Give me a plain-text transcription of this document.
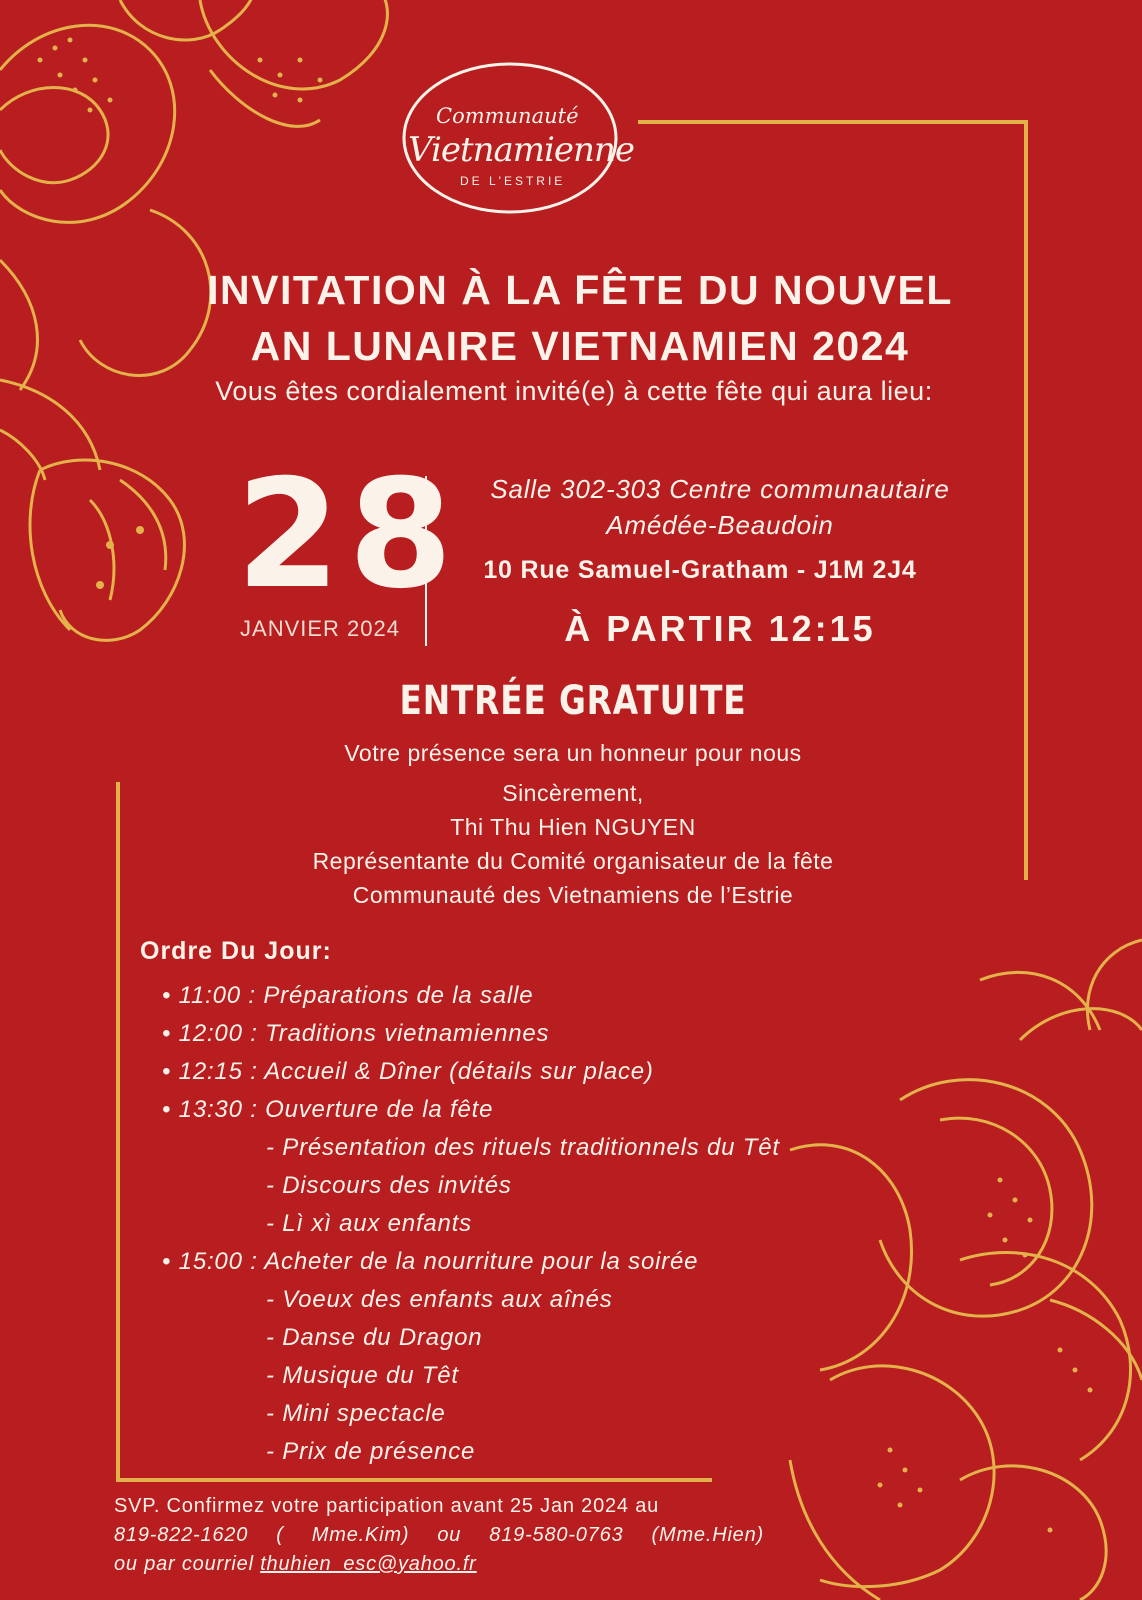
Communauté
Vietnamienne
DE L'ESTRIE
INVITATION À LA FÊTE DU NOUVEL
AN LUNAIRE VIETNAMIEN 2024
Vous êtes cordialement invité(e) à cette fête qui aura lieu:
28
JANVIER 2024
Salle 302-303 Centre communautaire
Amédée-Beaudoin
10 Rue Samuel-Gratham - J1M 2J4
À PARTIR 12:15
ENTRÉE GRATUITE
Votre présence sera un honneur pour nous
Sincèrement,
Thi Thu Hien NGUYEN
Représentante du Comité organisateur de la fête
Communauté des Vietnamiens de l’Estrie
Ordre Du Jour:
• 11:00 : Préparations de la salle
• 12:00 : Traditions vietnamiennes
• 12:15 : Accueil & Dîner (détails sur place)
• 13:30 : Ouverture de la fête
- Présentation des rituels traditionnels du Têt
- Discours des invités
- Lì xì aux enfants
• 15:00 : Acheter de la nourriture pour la soirée
- Voeux des enfants aux aînés
- Danse du Dragon
- Musique du Têt
- Mini spectacle
- Prix de présence
SVP. Confirmez votre participation avant 25 Jan 2024 au
819-822-1620 ( Mme.Kim) ou 819-580-0763 (Mme.Hien)
ou par courriel thuhien_esc@yahoo.fr
